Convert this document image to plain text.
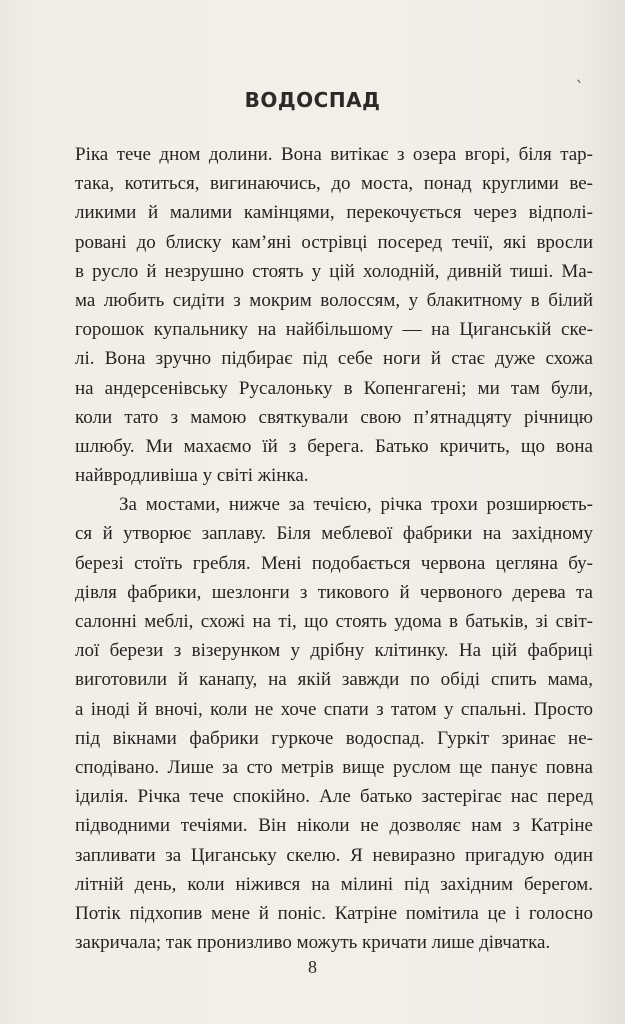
ВОДОСПАД
Ріка тече дном долини. Вона витікає з озера вгорі, біля тар-
така, котиться, вигинаючись, до моста, понад круглими ве-
ликими й малими камінцями, перекочується через відполі-
ровані до блиску кам’яні острівці посеред течії, які вросли
в русло й незрушно стоять у цій холодній, дивній тиші. Ма-
ма любить сидіти з мокрим волоссям, у блакитному в білий
горошок купальнику на найбільшому — на Циганській ске-
лі. Вона зручно підбирає під себе ноги й стає дуже схожа
на андерсенівську Русалоньку в Копенгагені; ми там були,
коли тато з мамою святкували свою п’ятнадцяту річницю
шлюбу. Ми махаємо їй з берега. Батько кричить, що вона
найвродливіша у світі жінка.
За мостами, нижче за течією, річка трохи розширюєть-
ся й утворює заплаву. Біля меблевої фабрики на західному
березі стоїть гребля. Мені подобається червона цегляна бу-
дівля фабрики, шезлонги з тикового й червоного дерева та
салонні меблі, схожі на ті, що стоять удома в батьків, зі світ-
лої берези з візерунком у дрібну клітинку. На цій фабриці
виготовили й канапу, на якій завжди по обіді спить мама,
а іноді й вночі, коли не хоче спати з татом у спальні. Просто
під вікнами фабрики гуркоче водоспад. Гуркіт зринає не-
сподівано. Лише за сто метрів вище руслом ще панує повна
ідилія. Річка тече спокійно. Але батько застерігає нас перед
підводними течіями. Він ніколи не дозволяє нам з Катріне
запливати за Циганську скелю. Я невиразно пригадую один
літній день, коли ніжився на мілині під західним берегом.
Потік підхопив мене й поніс. Катріне помітила це і голосно
закричала; так пронизливо можуть кричати лише дівчатка.
8
